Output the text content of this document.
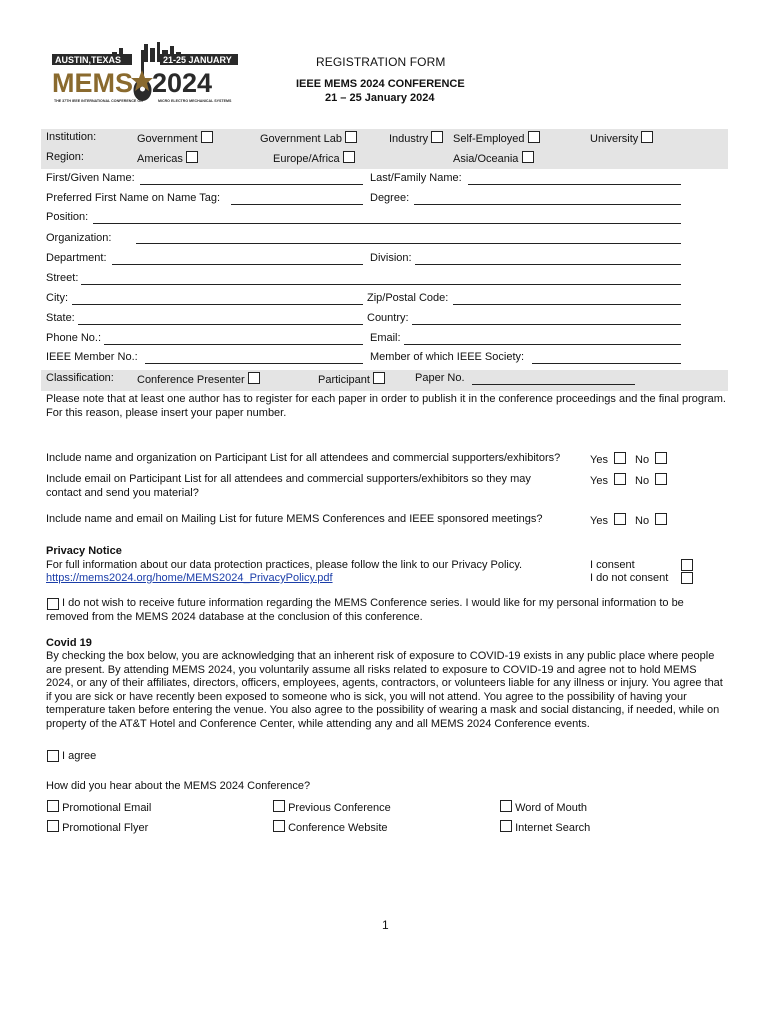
AUSTIN,TEXAS	21-25 JANUARY
MEMS 2024
THE 37TH IEEE INTERNATIONAL CONFERENCE ON	MICRO ELECTRO MECHANICAL SYSTEMS
REGISTRATION FORM
IEEE MEMS 2024 CONFERENCE
21 – 25 January 2024
Institution:	Government	Government Lab	Industry	Self-Employed	University
Region:	Americas	Europe/Africa	Asia/Oceania
First/Given Name:	Last/Family Name:
Preferred First Name on Name Tag:	Degree:
Position:
Organization:
Department:	Division:
Street:
City:	Zip/Postal Code:
State:	Country:
Phone No.:	Email:
IEEE Member No.:	Member of which IEEE Society:
Classification: Conference Presenter	Participant	Paper No.
Please note that at least one author has to register for each paper in order to publish it in the conference proceedings and the final program. For this reason, please insert your paper number.
Include name and organization on Participant List for all attendees and commercial supporters/exhibitors?	Yes	No
Include email on Participant List for all attendees and commercial supporters/exhibitors so they may contact and send you material?
Yes	No
Include name and email on Mailing List for future MEMS Conferences and IEEE sponsored meetings?	Yes	No
Privacy Notice
For full information about our data protection practices, please follow the link to our Privacy Policy.
https://mems2024.org/home/MEMS2024_PrivacyPolicy.pdf
I consent
I do not consent
I do not wish to receive future information regarding the MEMS Conference series. I would like for my personal information to be removed from the MEMS 2024 database at the conclusion of this conference.
Covid 19
By checking the box below, you are acknowledging that an inherent risk of exposure to COVID-19 exists in any public place where people are present. By attending MEMS 2024, you voluntarily assume all risks related to exposure to COVID-19 and agree not to hold MEMS 2024, or any of their affiliates, directors, officers, employees, agents, contractors, or volunteers liable for any illness or injury. You agree that if you are sick or have recently been exposed to someone who is sick, you will not attend. You agree to the possibility of having your temperature taken before entering the venue. You also agree to the possibility of wearing a mask and social distancing, if needed, while on property of the AT&T Hotel and Conference Center, while attending any and all MEMS 2024 Conference events.
I agree
How did you hear about the MEMS 2024 Conference?
Promotional Email	Previous Conference	Word of Mouth
Promotional Flyer	Conference Website	Internet Search
1
